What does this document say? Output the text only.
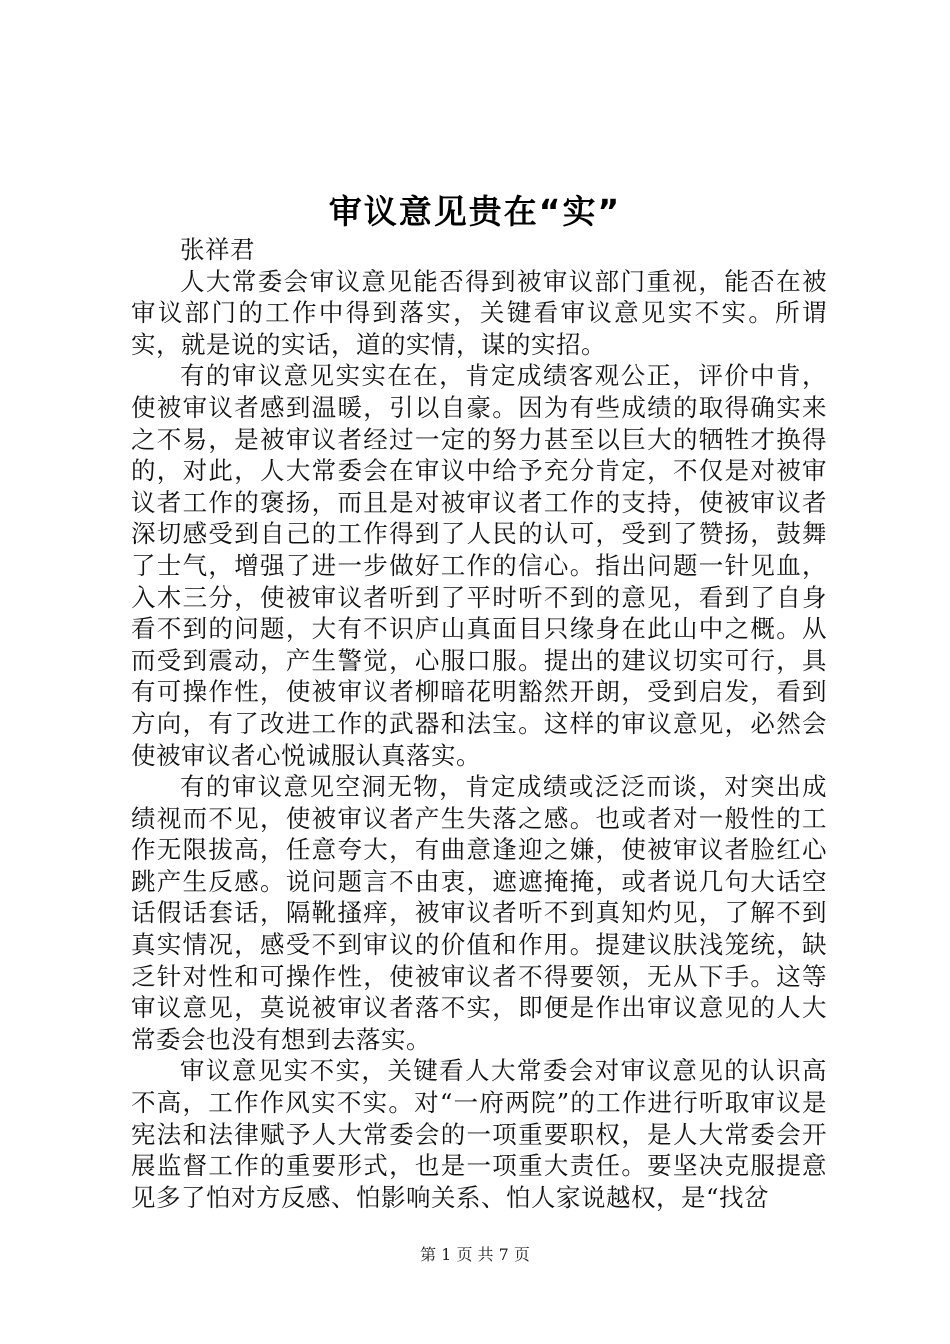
审议意见贵在“实”

张祥君

人大常委会审议意见能否得到被审议部门重视，能否在被审议部门的工作中得到落实，关键看审议意见实不实。所谓实，就是说的实话，道的实情，谋的实招。

有的审议意见实实在在，肯定成绩客观公正，评价中肯，使被审议者感到温暖，引以自豪。因为有些成绩的取得确实来之不易，是被审议者经过一定的努力甚至以巨大的牺牲才换得的，对此，人大常委会在审议中给予充分肯定，不仅是对被审议者工作的褒扬，而且是对被审议者工作的支持，使被审议者深切感受到自己的工作得到了人民的认可，受到了赞扬，鼓舞了士气，增强了进一步做好工作的信心。指出问题一针见血，入木三分，使被审议者听到了平时听不到的意见，看到了自身看不到的问题，大有不识庐山真面目只缘身在此山中之概。从而受到震动，产生警觉，心服口服。提出的建议切实可行，具有可操作性，使被审议者柳暗花明豁然开朗，受到启发，看到方向，有了改进工作的武器和法宝。这样的审议意见，必然会使被审议者心悦诚服认真落实。

有的审议意见空洞无物，肯定成绩或泛泛而谈，对突出成绩视而不见，使被审议者产生失落之感。也或者对一般性的工作无限拔高，任意夸大，有曲意逢迎之嫌，使被审议者脸红心跳产生反感。说问题言不由衷，遮遮掩掩，或者说几句大话空话假话套话，隔靴搔痒，被审议者听不到真知灼见，了解不到真实情况，感受不到审议的价值和作用。提建议肤浅笼统，缺乏针对性和可操作性，使被审议者不得要领，无从下手。这等审议意见，莫说被审议者落不实，即便是作出审议意见的人大常委会也没有想到去落实。

审议意见实不实，关键看人大常委会对审议意见的认识高不高，工作作风实不实。对“一府两院”的工作进行听取审议是宪法和法律赋予人大常委会的一项重要职权，是人大常委会开展监督工作的重要形式，也是一项重大责任。要坚决克服提意见多了怕对方反感、怕影响关系、怕人家说越权，是“找岔

第 1 页 共 7 页
